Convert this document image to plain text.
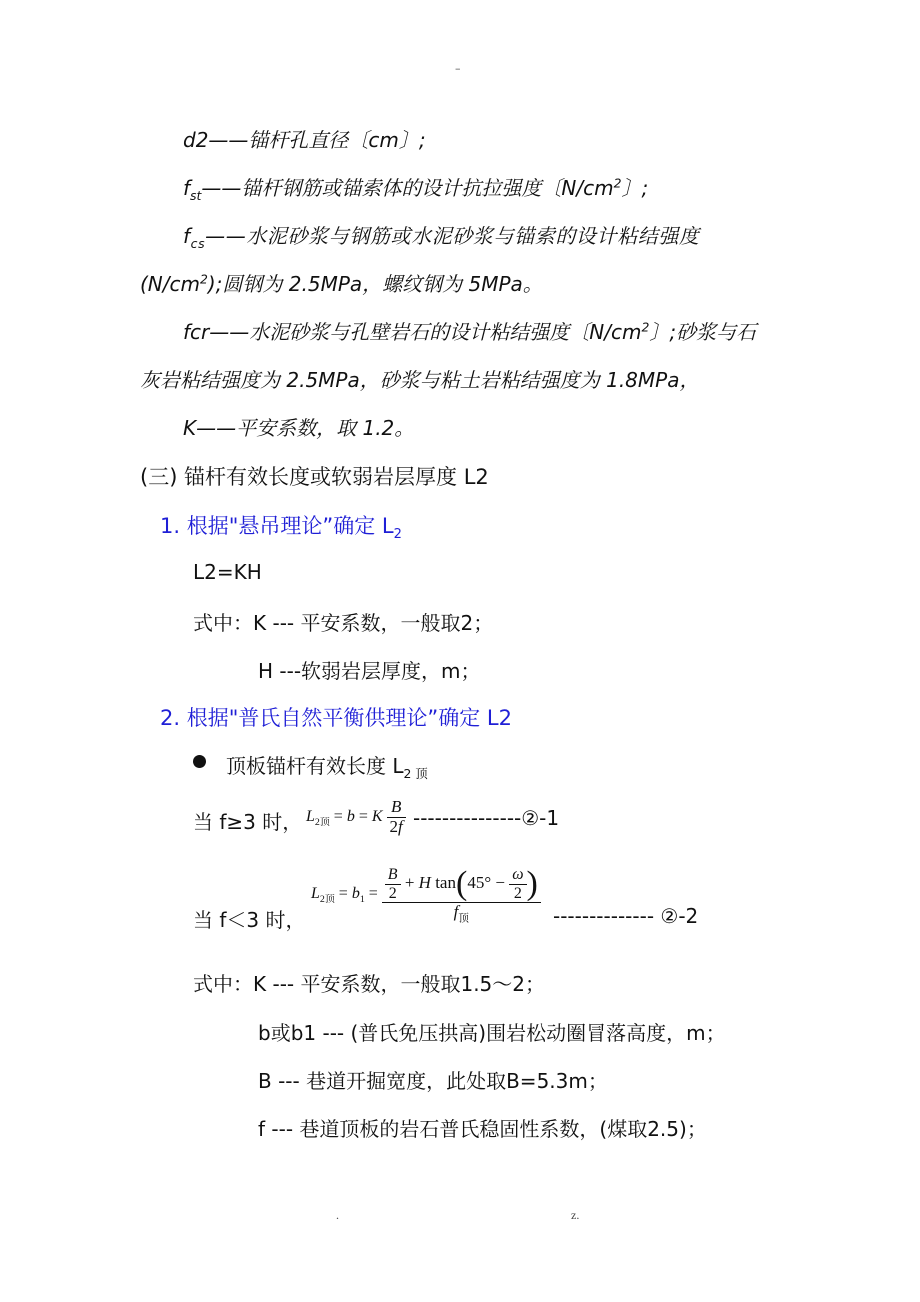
–
d2——锚杆孔直径〔cm〕;
$f_{st}——$锚杆钢筋或锚索体的设计抗拉强度〔$N/cm^2$〕;
$f_{cs}——$水泥砂浆与钢筋或水泥砂浆与锚索的设计粘结强度
$(N/cm^2)$;圆钢为 2.5MPa，螺纹钢为 5MPa。
fcr——水泥砂浆与孔壁岩石的设计粘结强度〔$N/cm^2$〕;砂浆与石
灰岩粘结强度为 2.5MPa，砂浆与粘土岩粘结强度为 1.8MPa，
K——平安系数，取 1.2。
(三) 锚杆有效长度或软弱岩层厚度 L2
1. 根据"悬吊理论”确定 $L_2$
L2=KH
式中：K --- 平安系数，一般取2；
H ---软弱岩层厚度，m；
2. 根据"普氏自然平衡供理论”确定 L2
顶板锚杆有效长度 $L_{2 顶}$
当 f≥3 时， $L_{2顶} = b = K \frac{B}{2f}$ ---------------②-1
当 f＜3 时，
$L_{2顶} = b_1 = \frac{\frac{B}{2} + H \tan(45^\circ - \frac{\omega}{2} )}{f_顶}$ -------------- ②-2
式中：K --- 平安系数，一般取1.5～2；
b或b1 --- (普氏免压拱高)围岩松动圈冒落高度，m；
B --- 巷道开掘宽度，此处取B=5.3m；
f --- 巷道顶板的岩石普氏稳固性系数，(煤取2.5)；
.	z.
